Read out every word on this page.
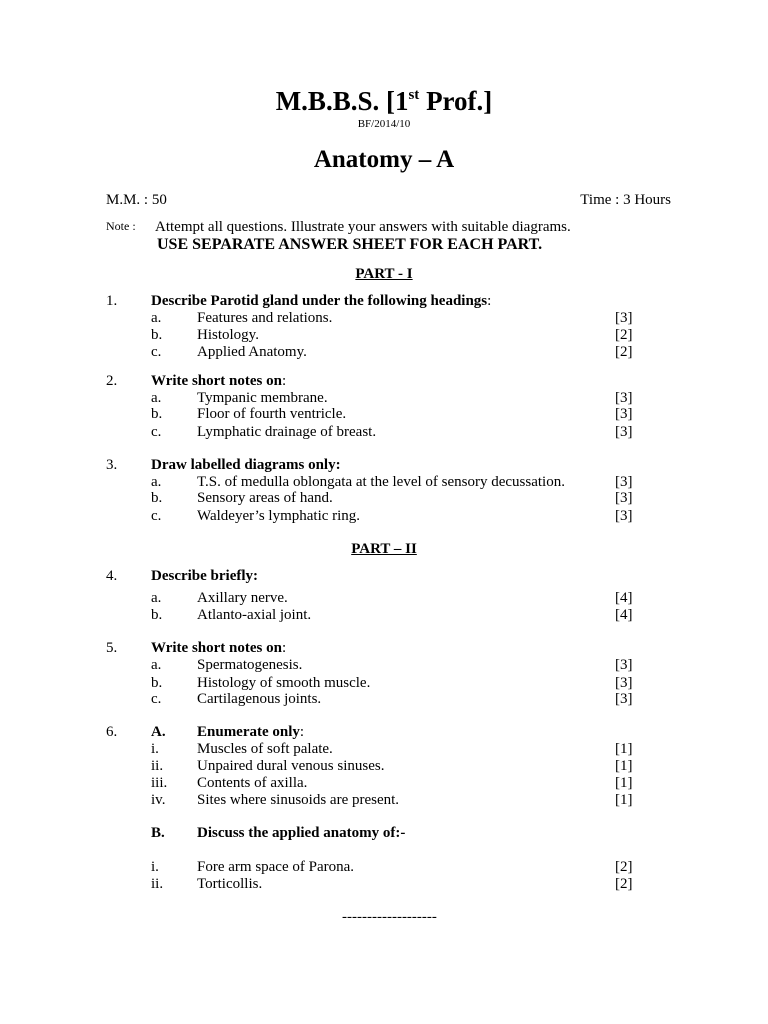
M.B.B.S. [1st Prof.]
BF/2014/10
Anatomy – A
M.M. : 50	Time : 3 Hours
Note : Attempt all questions. Illustrate your answers with suitable diagrams.
USE SEPARATE ANSWER SHEET FOR EACH PART.
PART - I
1. Describe Parotid gland under the following headings:
a. Features and relations.	[3]
b. Histology.	[2]
c. Applied Anatomy.	[2]
2. Write short notes on:
a. Tympanic membrane.	[3]
b. Floor of fourth ventricle.	[3]
c. Lymphatic drainage of breast.	[3]
3. Draw labelled diagrams only:
a. T.S. of medulla oblongata at the level of sensory decussation.	[3]
b. Sensory areas of hand.	[3]
c. Waldeyer’s lymphatic ring.	[3]
PART – II
4. Describe briefly:
a. Axillary nerve.	[4]
b. Atlanto-axial joint.	[4]
5. Write short notes on:
a. Spermatogenesis.	[3]
b. Histology of smooth muscle.	[3]
c. Cartilagenous joints.	[3]
6. A. Enumerate only:
i.	Muscles of soft palate.	[1]
ii. Unpaired dural venous sinuses.	[1]
iii. Contents of axilla.	[1]
iv. Sites where sinusoids are present.	[1]
B. Discuss the applied anatomy of:-
i.	Fore arm space of Parona.	[2]
ii. Torticollis.	[2]
-------------------
